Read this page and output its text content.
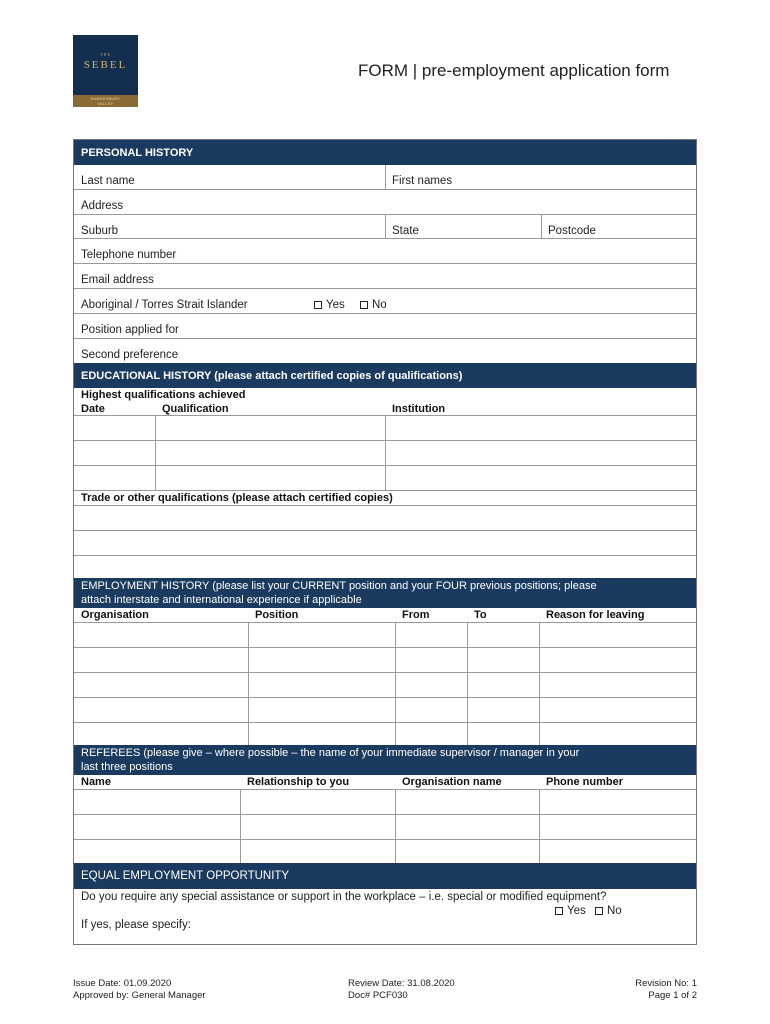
THE
SEBEL
HAWKESBURY
VALLEY
FORM | pre-employment application form
PERSONAL HISTORY
Last name	First names
Address
Suburb	State	Postcode
Telephone number
Email address
Aboriginal / Torres Strait Islander	Yes	No
Position applied for
Second preference
EDUCATIONAL HISTORY (please attach certified copies of qualifications)
Highest qualifications achieved
Date	Qualification	Institution
Trade or other qualifications (please attach certified copies)
EMPLOYMENT HISTORY (please list your CURRENT position and your FOUR previous positions; please
attach interstate and international experience if applicable
Organisation	Position	From	To	Reason for leaving
REFEREES (please give – where possible – the name of your immediate supervisor / manager in your
last three positions
Name	Relationship to you	Organisation name	Phone number
EQUAL EMPLOYMENT OPPORTUNITY
Do you require any special assistance or support in the workplace – i.e. special or modified equipment?
Yes	No
If yes, please specify:
Issue Date: 01.09.2020
Approved by: General Manager
Review Date: 31.08.2020
Doc# PCF030
Revision No: 1
Page 1 of 2
